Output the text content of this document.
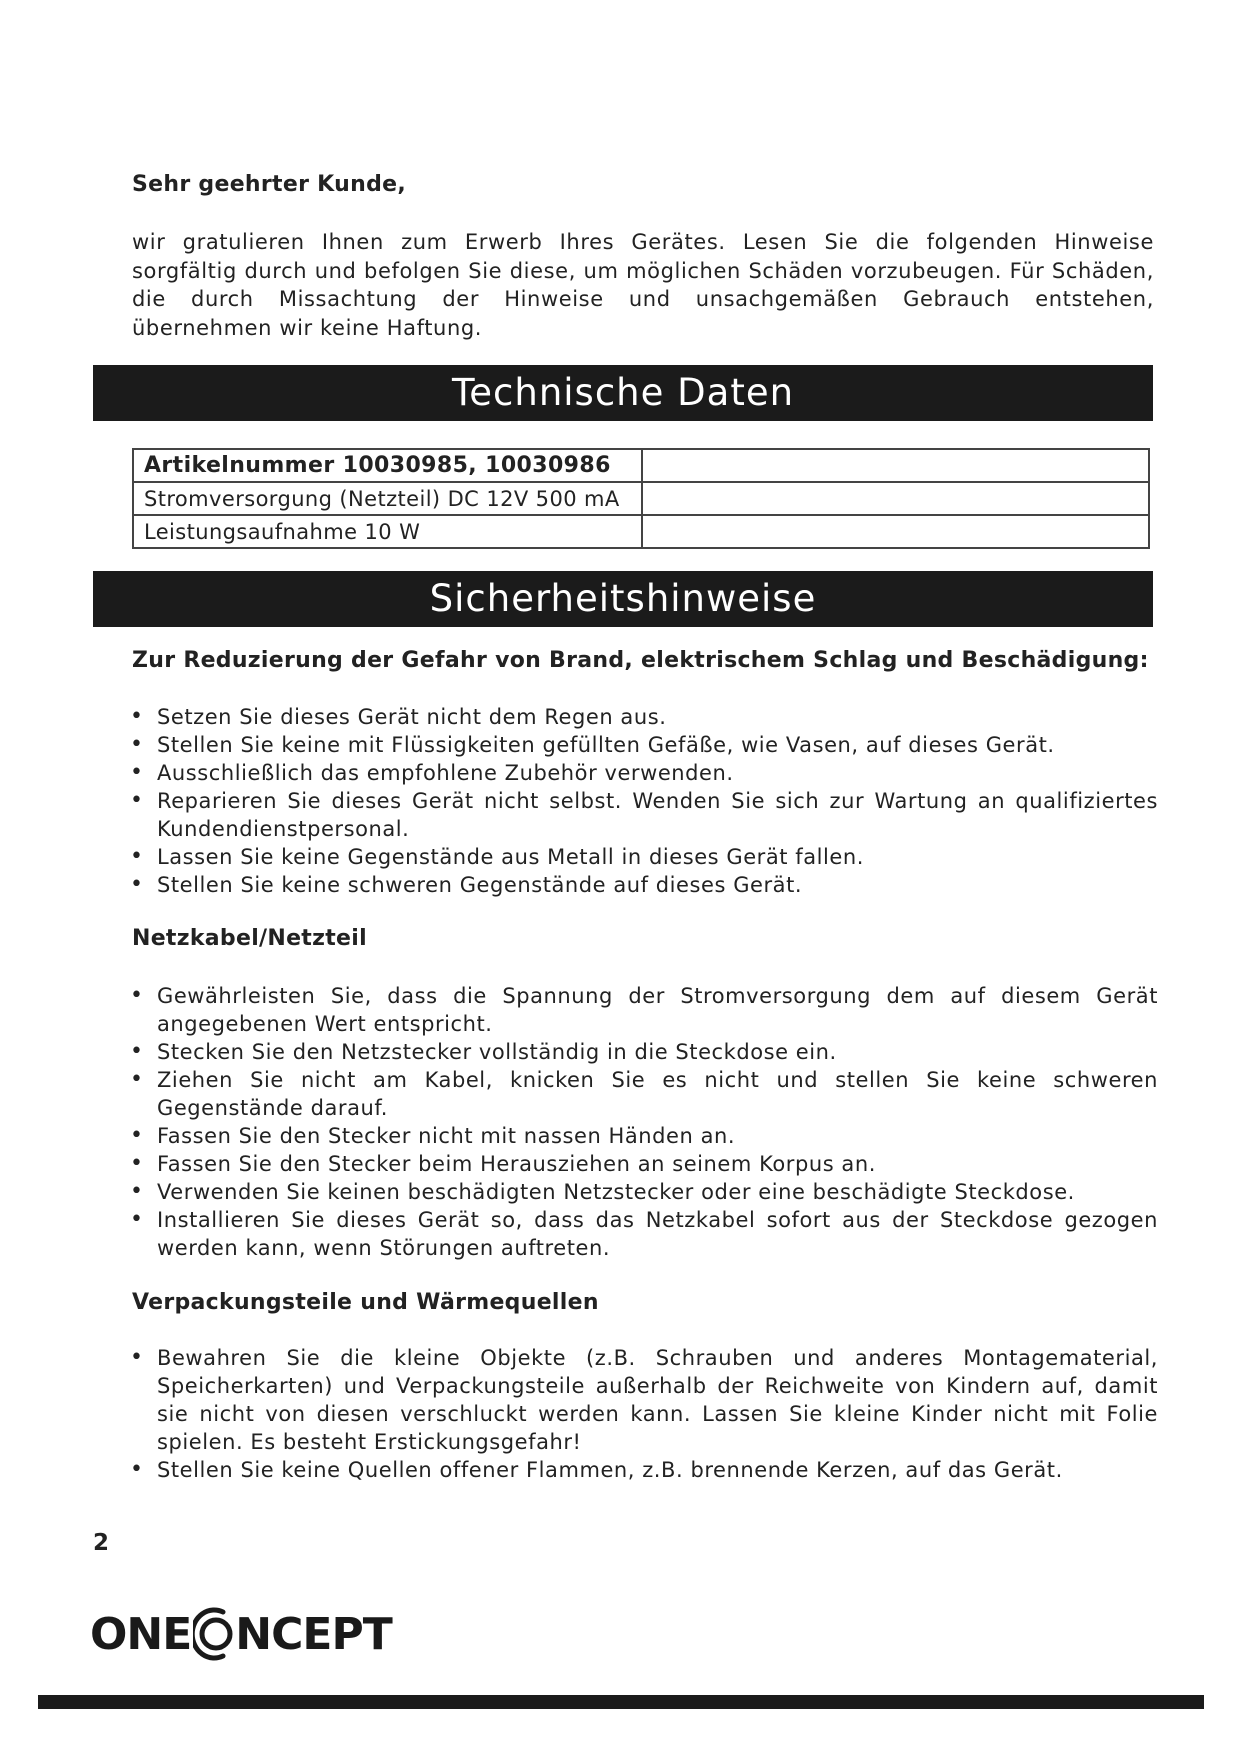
Sehr geehrter Kunde,

wir gratulieren Ihnen zum Erwerb Ihres Gerätes. Lesen Sie die folgenden Hinweise sorgfältig durch und befolgen Sie diese, um möglichen Schäden vorzubeugen. Für Schäden, die durch Missachtung der Hinweise und unsachgemäßen Gebrauch entstehen, übernehmen wir keine Haftung.

Technische Daten
Artikelnummer 10030985, 10030986	
Stromversorgung (Netzteil) DC 12V 500 mA	
Leistungsaufnahme 10 W	
Sicherheitshinweise
Zur Reduzierung der Gefahr von Brand, elektrischem Schlag und Beschädigung:
• Setzen Sie dieses Gerät nicht dem Regen aus.
• Stellen Sie keine mit Flüssigkeiten gefüllten Gefäße, wie Vasen, auf dieses Gerät.
• Ausschließlich das empfohlene Zubehör verwenden.
• Reparieren Sie dieses Gerät nicht selbst. Wenden Sie sich zur Wartung an qualifiziertes Kundendienstpersonal.
• Lassen Sie keine Gegenstände aus Metall in dieses Gerät fallen.
• Stellen Sie keine schweren Gegenstände auf dieses Gerät.
Netzkabel/Netzteil
• Gewährleisten Sie, dass die Spannung der Stromversorgung dem auf diesem Gerät angegebenen Wert entspricht.
• Stecken Sie den Netzstecker vollständig in die Steckdose ein.
• Ziehen Sie nicht am Kabel, knicken Sie es nicht und stellen Sie keine schweren Gegenstände darauf.
• Fassen Sie den Stecker nicht mit nassen Händen an.
• Fassen Sie den Stecker beim Herausziehen an seinem Korpus an.
• Verwenden Sie keinen beschädigten Netzstecker oder eine beschädigte Steckdose.
• Installieren Sie dieses Gerät so, dass das Netzkabel sofort aus der Steckdose gezogen werden kann, wenn Störungen auftreten.
Verpackungsteile und Wärmequellen
• Bewahren Sie die kleine Objekte (z.B. Schrauben und anderes Montagematerial, Speicherkarten) und Verpackungsteile außerhalb der Reichweite von Kindern auf, damit sie nicht von diesen verschluckt werden kann. Lassen Sie kleine Kinder nicht mit Folie spielen. Es besteht Erstickungsgefahr!
• Stellen Sie keine Quellen offener Flammen, z.B. brennende Kerzen, auf das Gerät.
2
ONE NCEPT
